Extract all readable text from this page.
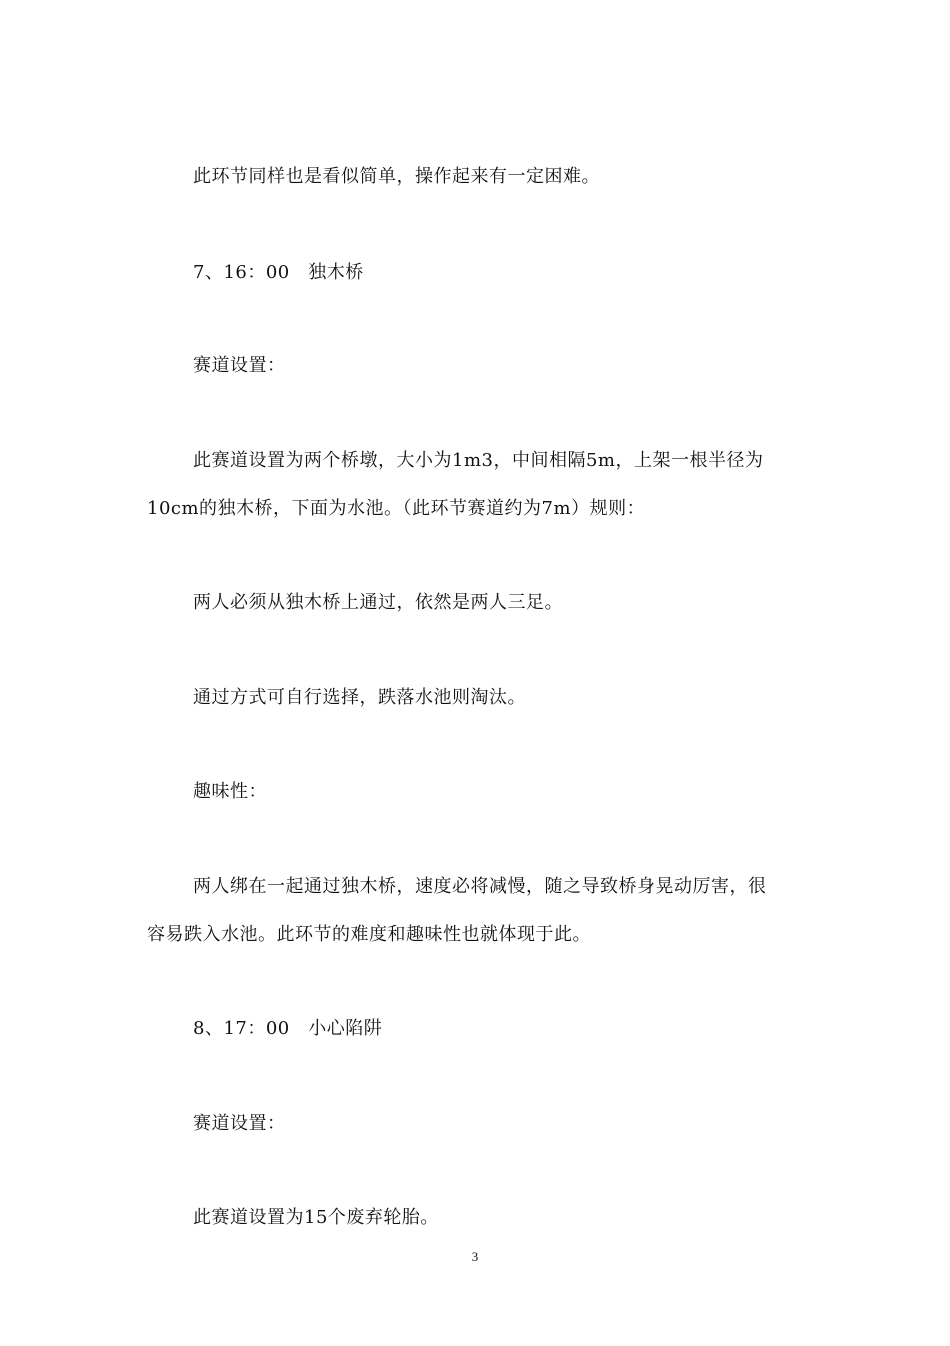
此环节同样也是看似简单，操作起来有一定困难。
7、16：00　独木桥
赛道设置：
此赛道设置为两个桥墩，大小为1m3，中间相隔5m，上架一根半径为
10cm的独木桥，下面为水池。（此环节赛道约为7m）规则：
两人必须从独木桥上通过，依然是两人三足。
通过方式可自行选择，跌落水池则淘汰。
趣味性：
两人绑在一起通过独木桥，速度必将减慢，随之导致桥身晃动厉害，很
容易跌入水池。此环节的难度和趣味性也就体现于此。
8、17：00　小心陷阱
赛道设置：
此赛道设置为15个废弃轮胎。
3
